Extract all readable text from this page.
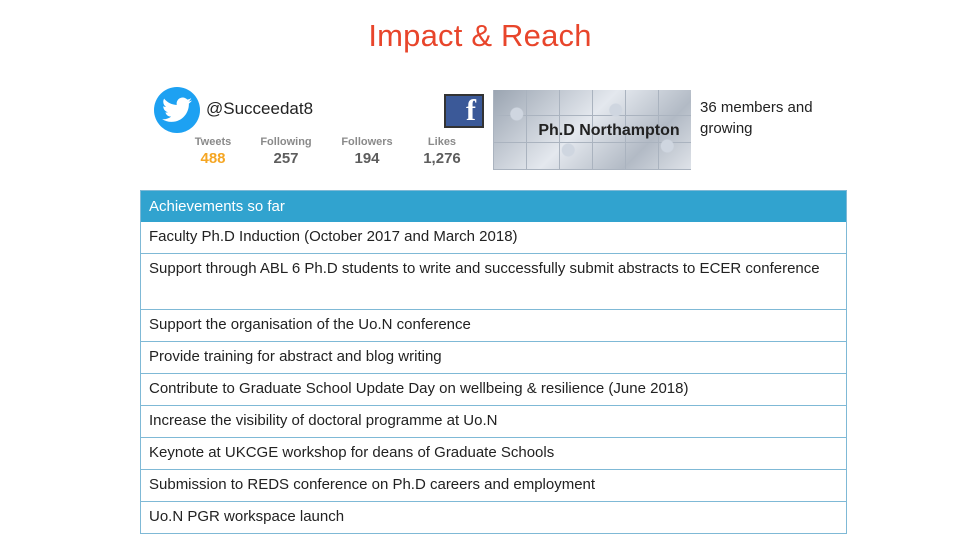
Impact & Reach
@Succeedat8
Tweets
488
Following
257
Followers
194
Likes
1,276
f
Ph.D Northampton
36 members and growing
Achievements so far
Faculty Ph.D Induction (October 2017 and March 2018)
Support through ABL 6 Ph.D students to write and successfully submit abstracts to ECER conference
Support the organisation of the Uo.N conference
Provide training for abstract and blog writing
Contribute to Graduate School Update Day on wellbeing & resilience (June 2018)
Increase the visibility of doctoral programme at Uo.N
Keynote at UKCGE workshop for deans of Graduate Schools
Submission to REDS conference on Ph.D careers and employment
Uo.N PGR workspace launch
